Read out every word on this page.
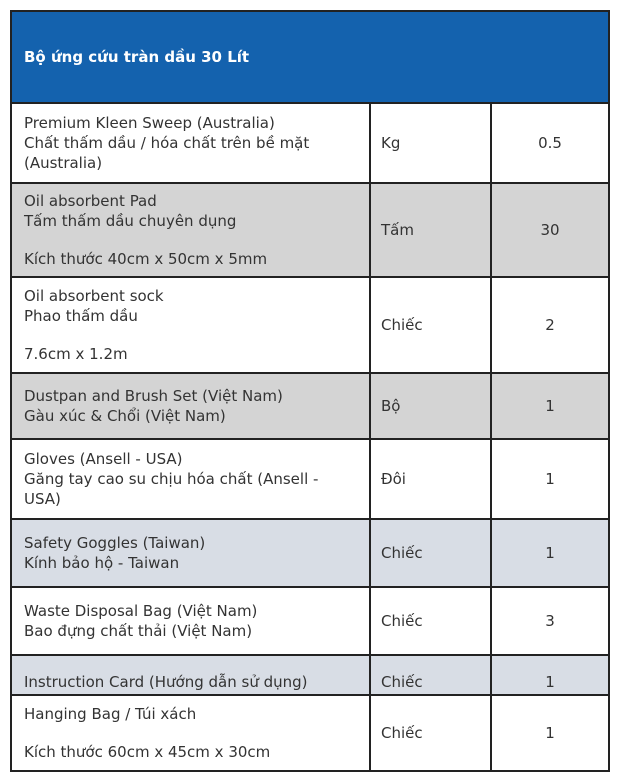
Bộ ứng cứu tràn dầu 30 Lít
Premium Kleen Sweep (Australia)
Chất thấm dầu / hóa chất trên bề mặt (Australia)
Kg	0.5
Oil absorbent Pad
Tấm thấm dầu chuyên dụng
Kích thước 40cm x 50cm x 5mm
Tấm	30
Oil absorbent sock
Phao thấm dầu
7.6cm x 1.2m
Chiếc	2
Dustpan and Brush Set (Việt Nam)
Gàu xúc & Chổi (Việt Nam)
Bộ	1
Gloves (Ansell - USA)
Găng tay cao su chịu hóa chất (Ansell - USA)
Đôi	1
Safety Goggles (Taiwan)
Kính bảo hộ - Taiwan
Chiếc	1
Waste Disposal Bag (Việt Nam)
Bao đựng chất thải (Việt Nam)
Chiếc	3
Instruction Card (Hướng dẫn sử dụng)	Chiếc	1
Hanging Bag / Túi xách
Kích thước 60cm x 45cm x 30cm
Chiếc	1
